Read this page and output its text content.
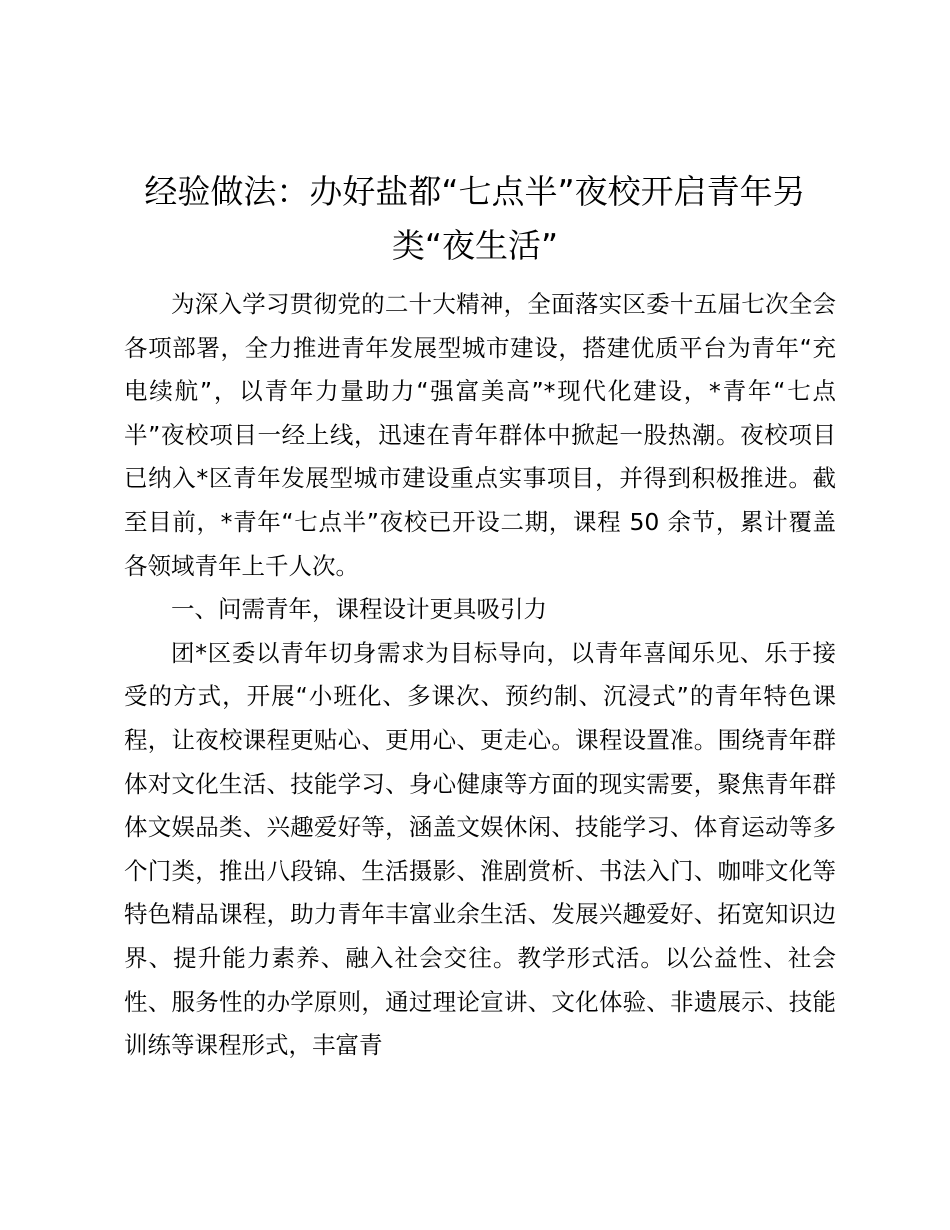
经验做法：办好盐都“七点半”夜校开启青年另类“夜生活”

为深入学习贯彻党的二十大精神，全面落实区委十五届七次全会各项部署，全力推进青年发展型城市建设，搭建优质平台为青年“充电续航”，以青年力量助力“强富美高”*现代化建设，*青年“七点半”夜校项目一经上线，迅速在青年群体中掀起一股热潮。夜校项目已纳入*区青年发展型城市建设重点实事项目，并得到积极推进。截至目前，*青年“七点半”夜校已开设二期，课程 50 余节，累计覆盖各领域青年上千人次。

一、问需青年，课程设计更具吸引力

团*区委以青年切身需求为目标导向，以青年喜闻乐见、乐于接受的方式，开展“小班化、多课次、预约制、沉浸式”的青年特色课程，让夜校课程更贴心、更用心、更走心。课程设置准。围绕青年群体对文化生活、技能学习、身心健康等方面的现实需要，聚焦青年群体文娱品类、兴趣爱好等，涵盖文娱休闲、技能学习、体育运动等多个门类，推出八段锦、生活摄影、淮剧赏析、书法入门、咖啡文化等特色精品课程，助力青年丰富业余生活、发展兴趣爱好、拓宽知识边界、提升能力素养、融入社会交往。教学形式活。以公益性、社会性、服务性的办学原则，通过理论宣讲、文化体验、非遗展示、技能训练等课程形式，丰富青
